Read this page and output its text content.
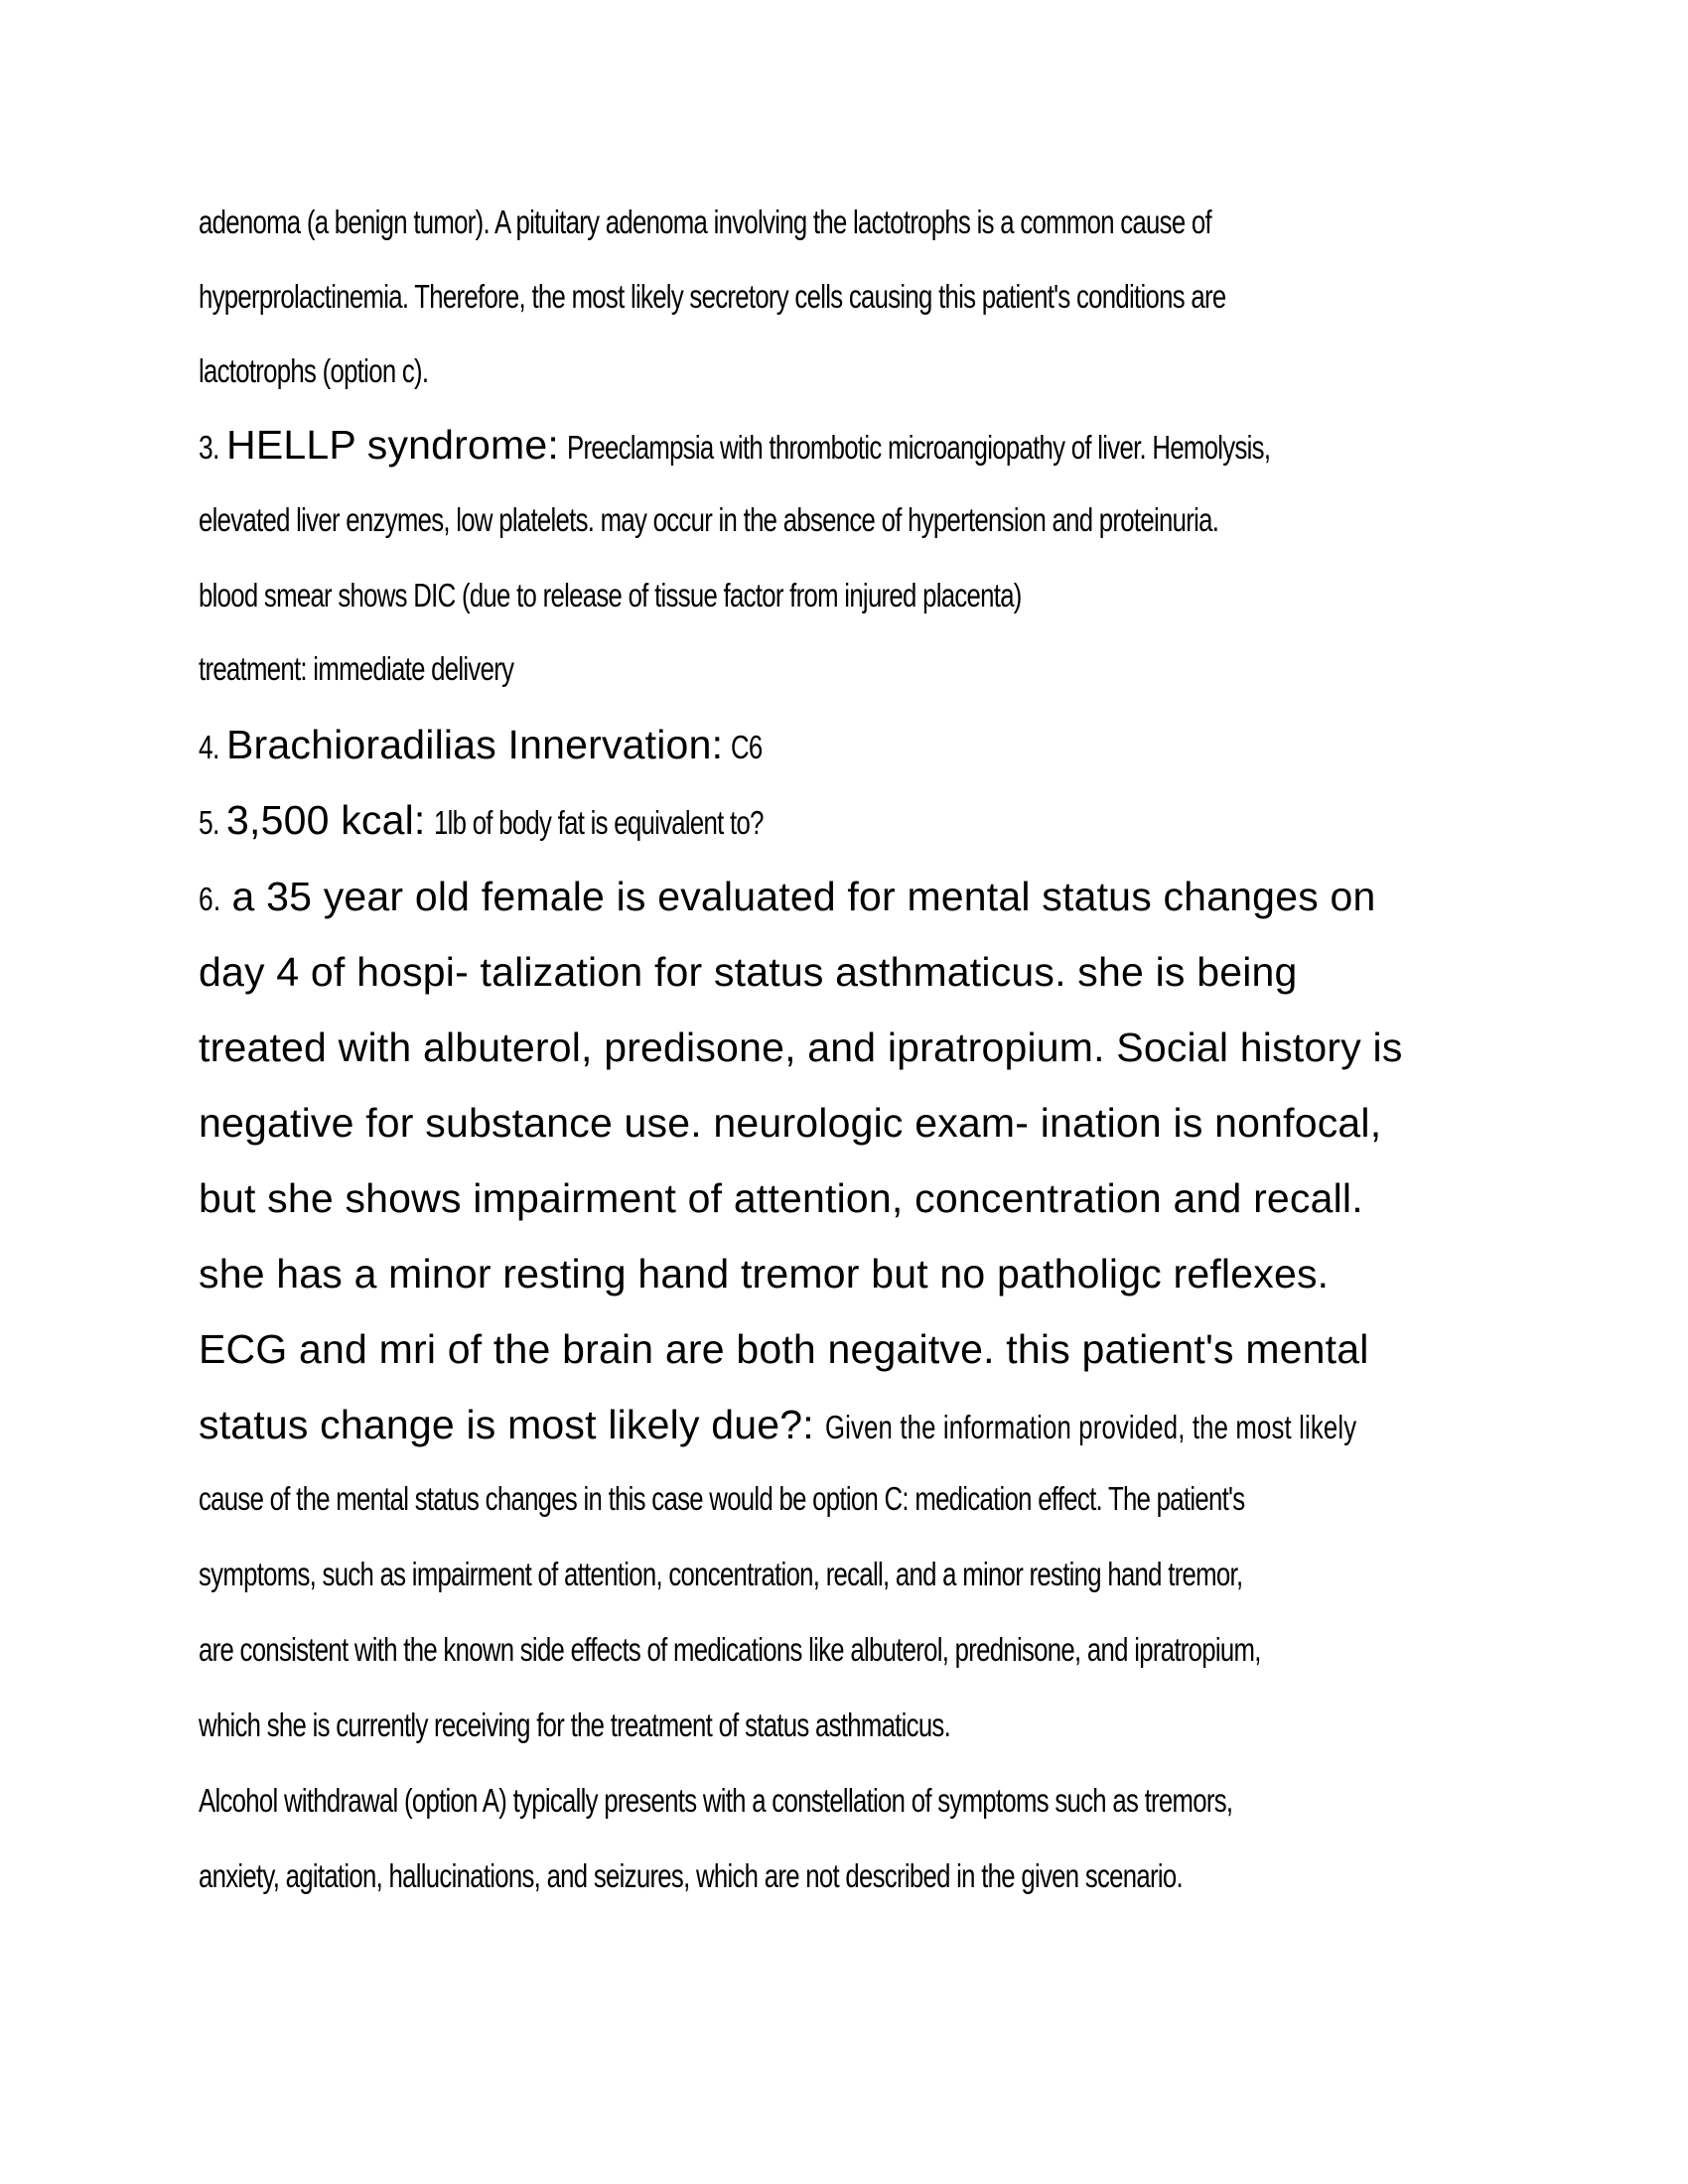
adenoma (a benign tumor). A pituitary adenoma involving the lactotrophs is a common cause of
hyperprolactinemia. Therefore, the most likely secretory cells causing this patient's conditions are
lactotrophs (option c).
3. HELLP syndrome: Preeclampsia with thrombotic microangiopathy of liver. Hemolysis,
elevated liver enzymes, low platelets. may occur in the absence of hypertension and proteinuria.
blood smear shows DIC (due to release of tissue factor from injured placenta)
treatment: immediate delivery
4. Brachioradilias Innervation: C6
5. 3,500 kcal: 1lb of body fat is equivalent to?
6. a 35 year old female is evaluated for mental status changes on
day 4 of hospi- talization for status asthmaticus. she is being
treated with albuterol, predisone, and ipratropium. Social history is
negative for substance use. neurologic exam- ination is nonfocal,
but she shows impairment of attention, concentration and recall.
she has a minor resting hand tremor but no patholigc reflexes.
ECG and mri of the brain are both negaitve. this patient's mental
status change is most likely due?: Given the information provided, the most likely
cause of the mental status changes in this case would be option C: medication effect. The patient's
symptoms, such as impairment of attention, concentration, recall, and a minor resting hand tremor,
are consistent with the known side effects of medications like albuterol, prednisone, and ipratropium,
which she is currently receiving for the treatment of status asthmaticus.
Alcohol withdrawal (option A) typically presents with a constellation of symptoms such as tremors,
anxiety, agitation, hallucinations, and seizures, which are not described in the given scenario.
